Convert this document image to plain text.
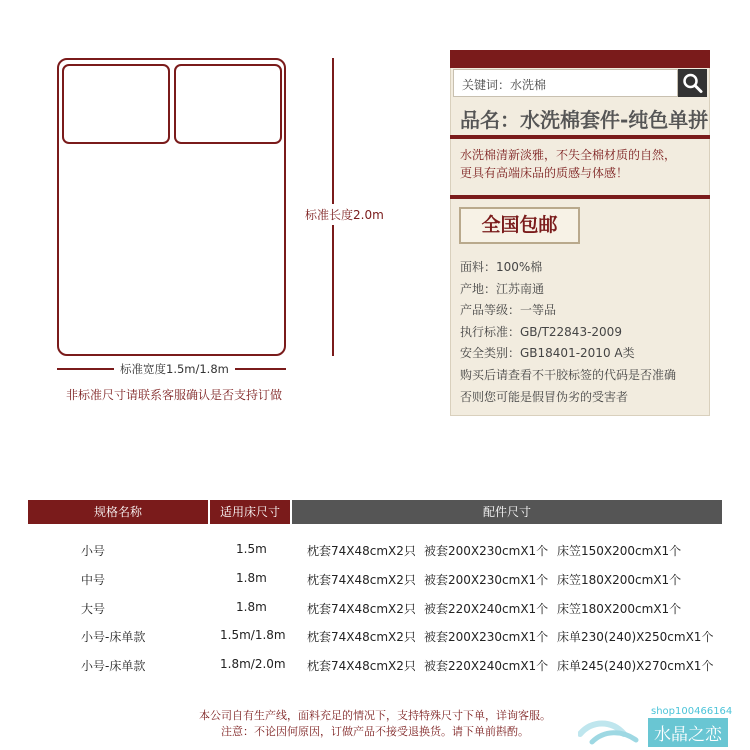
标准长度2.0m
标准宽度1.5m/1.8m
非标准尺寸请联系客服确认是否支持订做
关键词：水洗棉
品名：水洗棉套件-纯色单拼
水洗棉清新淡雅，不失全棉材质的自然，
更具有高端床品的质感与体感！
全国包邮
面料：100%棉
产地：江苏南通
产品等级：一等品
执行标准：GB/T22843-2009
安全类别：GB18401-2010 A类
购买后请查看不干胶标签的代码是否准确
否则您可能是假冒伪劣的受害者
规格名称	适用床尺寸	配件尺寸
小号	1.5m	枕套74X48cmX2只 被套200X230cmX1个 床笠150X200cmX1个
中号	1.8m	枕套74X48cmX2只 被套200X230cmX1个 床笠180X200cmX1个
大号	1.8m	枕套74X48cmX2只 被套220X240cmX1个 床笠180X200cmX1个
小号-床单款	1.5m/1.8m 枕套74X48cmX2只 被套200X230cmX1个 床单230(240)X250cmX1个
小号-床单款	1.8m/2.0m 枕套74X48cmX2只 被套220X240cmX1个 床单245(240)X270cmX1个
本公司自有生产线，面料充足的情况下，支持特殊尺寸下单，详询客服。
注意：不论因何原因，订做产品不接受退换货。请下单前斟酌。
shop100466164
水晶之恋
